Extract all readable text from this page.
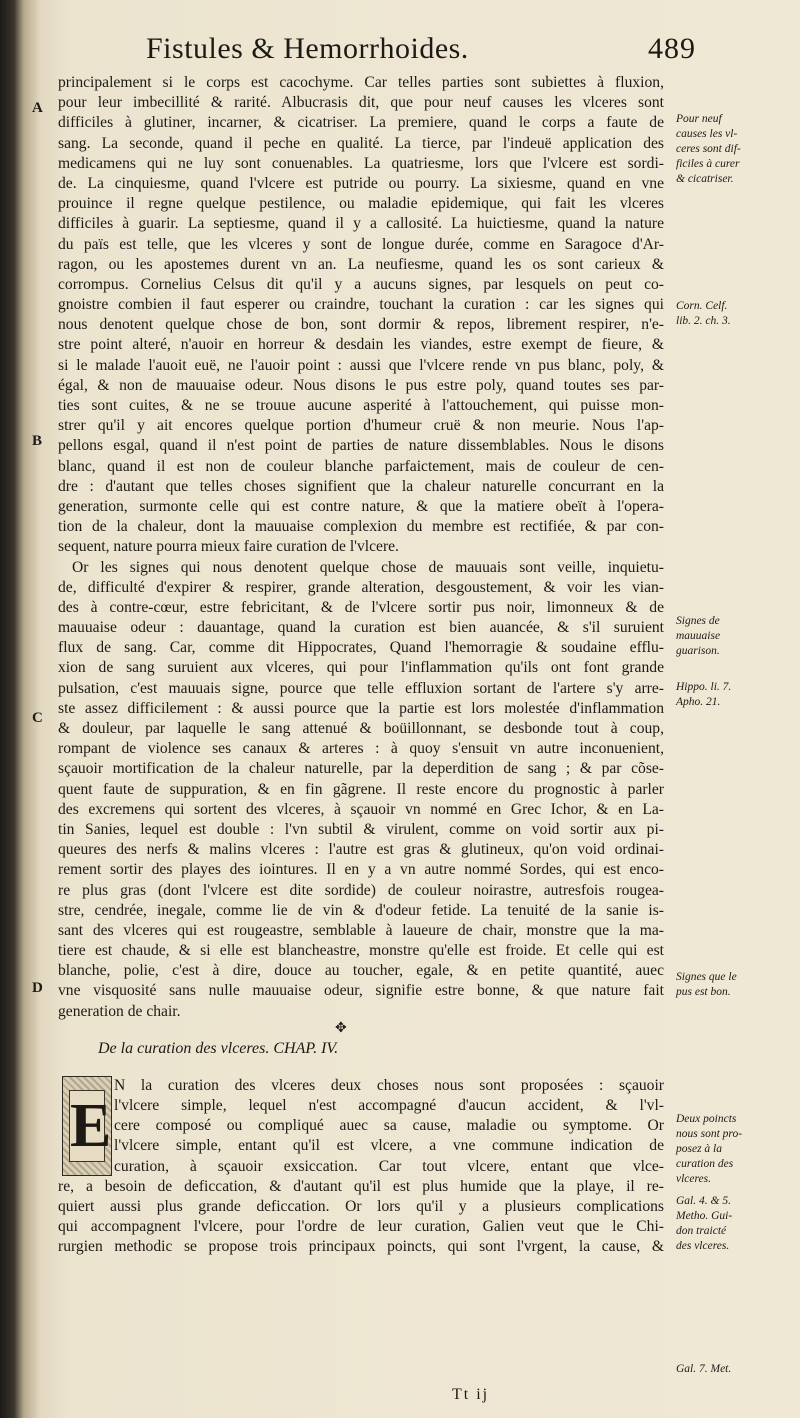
Fistules & Hemorrhoides.	489
A
B
C
D
principalement si le corps est cacochyme. Car telles parties sont subiettes à fluxion,
pour leur imbecillité & rarité. Albucrasis dit, que pour neuf causes les vlceres sont
difficiles à glutiner, incarner, & cicatriser. La premiere, quand le corps a faute de
sang. La seconde, quand il peche en qualité. La tierce, par l'indeuë application des
medicamens qui ne luy sont conuenables. La quatriesme, lors que l'vlcere est sordi-
de. La cinquiesme, quand l'vlcere est putride ou pourry. La sixiesme, quand en vne
prouince il regne quelque pestilence, ou maladie epidemique, qui fait les vlceres
difficiles à guarir. La septiesme, quand il y a callosité. La huictiesme, quand la nature
du païs est telle, que les vlceres y sont de longue durée, comme en Saragoce d'Ar-
ragon, ou les apostemes durent vn an. La neufiesme, quand les os sont carieux &
corrompus. Cornelius Celsus dit qu'il y a aucuns signes, par lesquels on peut co-
gnoistre combien il faut esperer ou craindre, touchant la curation : car les signes qui
nous denotent quelque chose de bon, sont dormir & repos, librement respirer, n'e-
stre point alteré, n'auoir en horreur & desdain les viandes, estre exempt de fieure, &
si le malade l'auoit euë, ne l'auoir point : aussi que l'vlcere rende vn pus blanc, poly, &
égal, & non de mauuaise odeur. Nous disons le pus estre poly, quand toutes ses par-
ties sont cuites, & ne se trouue aucune asperité à l'attouchement, qui puisse mon-
strer qu'il y ait encores quelque portion d'humeur cruë & non meurie. Nous l'ap-
pellons esgal, quand il n'est point de parties de nature dissemblables. Nous le disons
blanc, quand il est non de couleur blanche parfaictement, mais de couleur de cen-
dre : d'autant que telles choses signifient que la chaleur naturelle concurrant en la
generation, surmonte celle qui est contre nature, & que la matiere obeït à l'opera-
tion de la chaleur, dont la mauuaise complexion du membre est rectifiée, & par con-
sequent, nature pourra mieux faire curation de l'vlcere.
Or les signes qui nous denotent quelque chose de mauuais sont veille, inquietu-
de, difficulté d'expirer & respirer, grande alteration, desgoustement, & voir les vian-
des à contre-cœur, estre febricitant, & de l'vlcere sortir pus noir, limonneux & de
mauuaise odeur : dauantage, quand la curation est bien auancée, & s'il suruient
flux de sang. Car, comme dit Hippocrates, Quand l'hemorragie & soudaine efflu-
xion de sang suruient aux vlceres, qui pour l'inflammation qu'ils ont font grande
pulsation, c'est mauuais signe, pource que telle effluxion sortant de l'artere s'y arre-
ste assez difficilement : & aussi pource que la partie est lors molestée d'inflammation
& douleur, par laquelle le sang attenué & boüillonnant, se desbonde tout à coup,
rompant de violence ses canaux & arteres : à quoy s'ensuit vn autre inconuenient,
sçauoir mortification de la chaleur naturelle, par la deperdition de sang ; & par cõse-
quent faute de suppuration, & en fin gãgrene. Il reste encore du prognostic à parler
des excremens qui sortent des vlceres, à sçauoir vn nommé en Grec Ichor, & en La-
tin Sanies, lequel est double : l'vn subtil & virulent, comme on void sortir aux pi-
queures des nerfs & malins vlceres : l'autre est gras & glutineux, qu'on void ordinai-
rement sortir des playes des iointures. Il en y a vn autre nommé Sordes, qui est enco-
re plus gras (dont l'vlcere est dite sordide) de couleur noirastre, autresfois rougea-
stre, cendrée, inegale, comme lie de vin & d'odeur fetide. La tenuité de la sanie is-
sant des vlceres qui est rougeastre, semblable à laueure de chair, monstre que la ma-
tiere est chaude, & si elle est blancheastre, monstre qu'elle est froide. Et celle qui est
blanche, polie, c'est à dire, douce au toucher, egale, & en petite quantité, auec
vne visquosité sans nulle mauuaise odeur, signifie estre bonne, & que nature fait
generation de chair.
De la curation des vlceres. CHAP. IV.
E
N la curation des vlceres deux choses nous sont proposées : sçauoir
l'vlcere simple, lequel n'est accompagné d'aucun accident, & l'vl-
cere composé ou compliqué auec sa cause, maladie ou symptome. Or
l'vlcere simple, entant qu'il est vlcere, a vne commune indication de
curation, à sçauoir exsiccation. Car tout vlcere, entant que vlce-
re, a besoin de deficcation, & d'autant qu'il est plus humide que la playe, il re-
quiert aussi plus grande deficcation. Or lors qu'il y a plusieurs complications
qui accompagnent l'vlcere, pour l'ordre de leur curation, Galien veut que le Chi-
rurgien methodic se propose trois principaux poincts, qui sont l'vrgent, la cause, &
Pour neuf
causes les vl-
ceres sont dif-
ficiles à curer
& cicatriser.
Corn. Celf.
lib. 2. ch. 3.
Signes de
mauuaise
guarison.
Hippo. li. 7.
Apho. 21.
Signes que le
pus est bon.
Deux poincts
nous sont pro-
posez à la
curation des
vlceres.
Gal. 4. & 5.
Metho. Gui-
don traicté
des vlceres.
Gal. 7. Met.
✥
Tt ij
